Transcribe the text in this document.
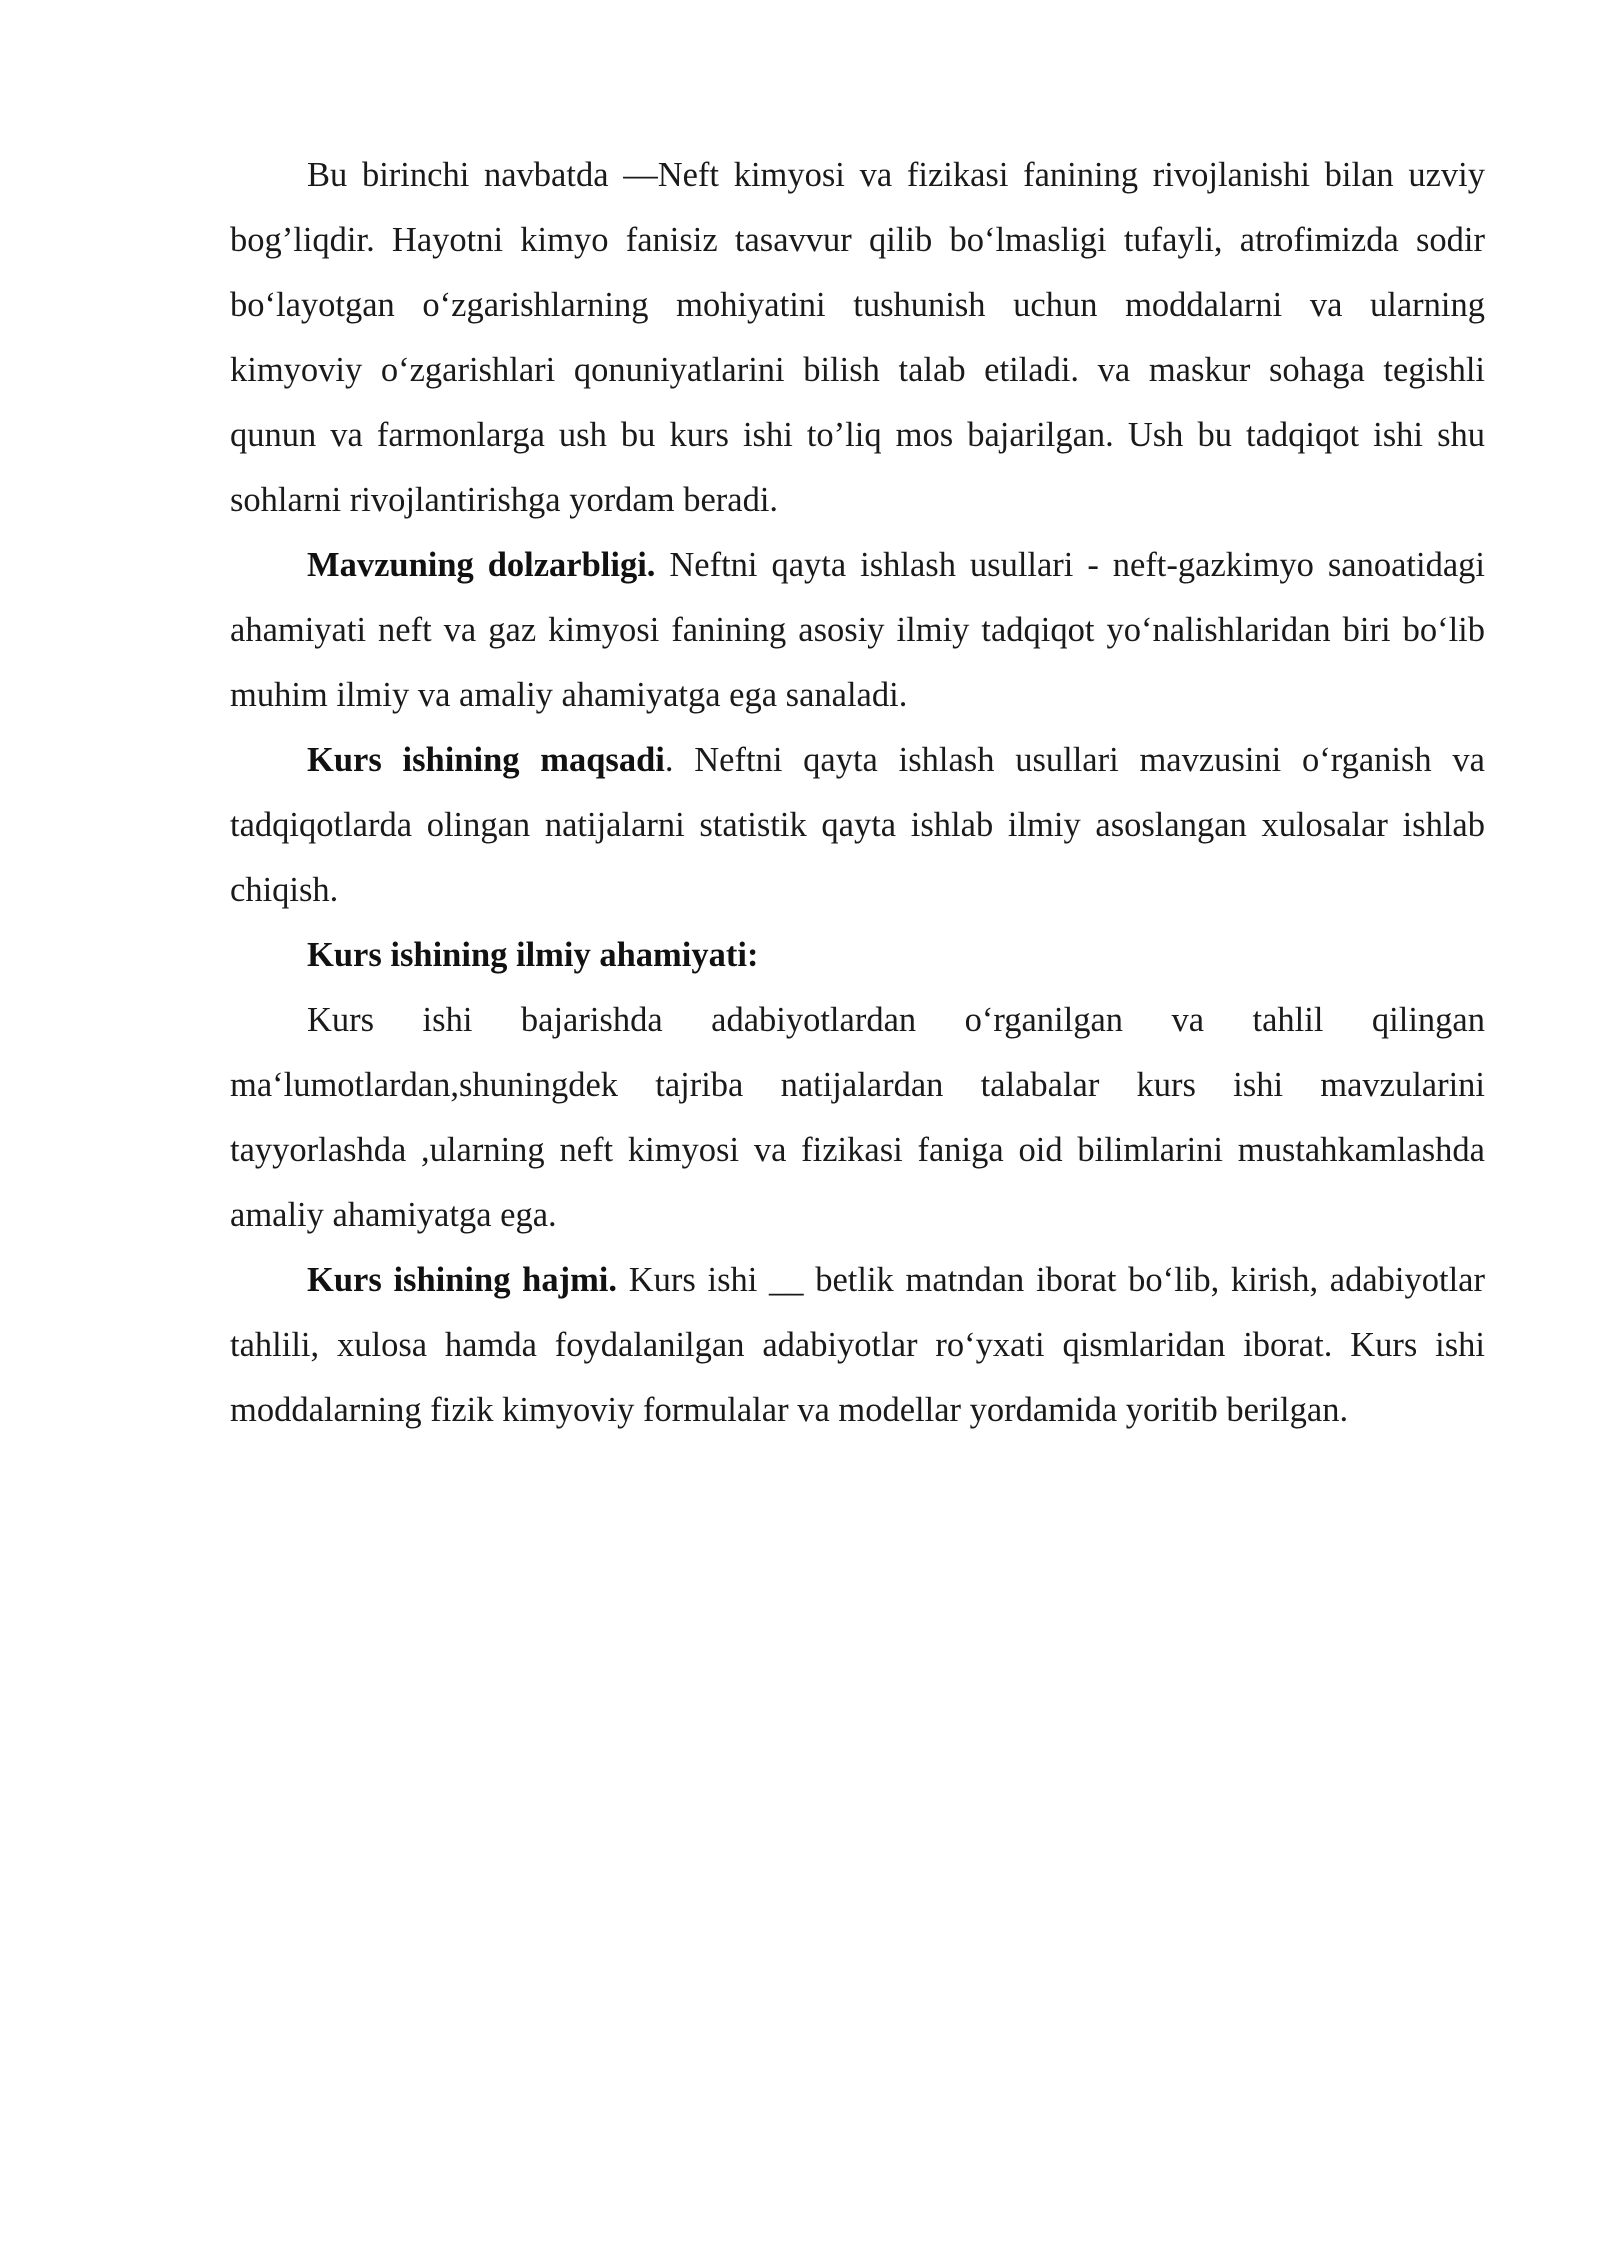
Bu birinchi navbatda —Neft kimyosi va fizikasi fanining rivojlanishi bilan uzviy bog’liqdir. Hayotni kimyo fanisiz tasavvur qilib bo‘lmasligi tufayli, atrofimizda sodir bo‘layotgan o‘zgarishlarning mohiyatini tushunish uchun moddalarni va ularning kimyoviy o‘zgarishlari qonuniyatlarini bilish talab etiladi. va maskur sohaga tegishli qunun va farmonlarga ush bu kurs ishi to’liq mos bajarilgan. Ush bu tadqiqot ishi shu sohlarni rivojlantirishga yordam beradi.

Mavzuning dolzarbligi. Neftni qayta ishlash usullari - neft-gazkimyo sanoatidagi ahamiyati neft va gaz kimyosi fanining asosiy ilmiy tadqiqot yo‘nalishlaridan biri bo‘lib muhim ilmiy va amaliy ahamiyatga ega sanaladi.

Kurs ishining maqsadi. Neftni qayta ishlash usullari mavzusini o‘rganish va tadqiqotlarda olingan natijalarni statistik qayta ishlab ilmiy asoslangan xulosalar ishlab chiqish.

Kurs ishining ilmiy ahamiyati:

Kurs ishi bajarishda adabiyotlardan o‘rganilgan va tahlil qilingan ma‘lumotlardan,shuningdek tajriba natijalardan talabalar kurs ishi mavzularini tayyorlashda ,ularning neft kimyosi va fizikasi faniga oid bilimlarini mustahkamlashda amaliy ahamiyatga ega.

Kurs ishining hajmi. Kurs ishi __ betlik matndan iborat bo‘lib, kirish, adabiyotlar tahlili, xulosa hamda foydalanilgan adabiyotlar ro‘yxati qismlaridan iborat. Kurs ishi moddalarning fizik kimyoviy formulalar va modellar yordamida yoritib berilgan.
